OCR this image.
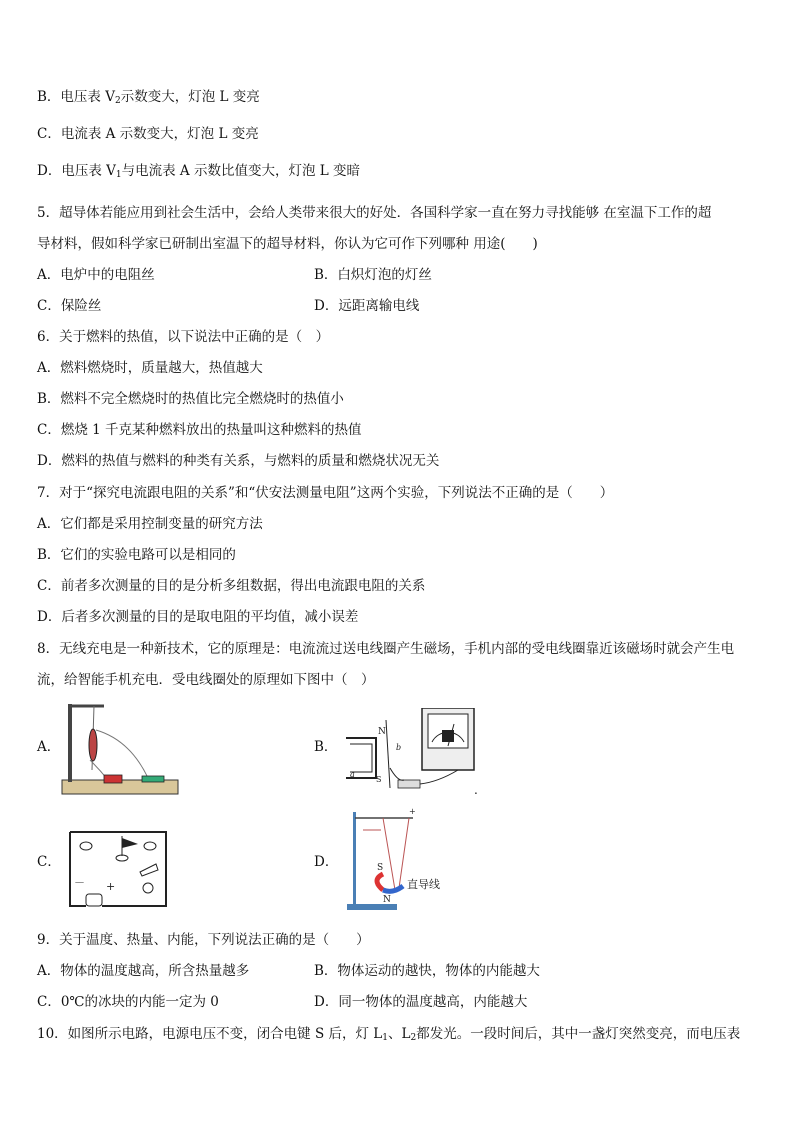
B．电压表 $V_2$示数变大，灯泡 L 变亮
C．电流表 A 示数变大，灯泡 L 变亮
D．电压表 $V_1$与电流表 A 示数比值变大，灯泡 L 变暗
5．超导体若能应用到社会生活中，会给人类带来很大的好处．各国科学家一直在努力寻找能够 在室温下工作的超
导材料，假如科学家已研制出室温下的超导材料，你认为它可作下列哪种 用途(　　)
A．电炉中的电阻丝	B．白炽灯泡的灯丝
C．保险丝	D．远距离输电线
6．关于燃料的热值，以下说法中正确的是（　）
A．燃料燃烧时，质量越大，热值越大
B．燃料不完全燃烧时的热值比完全燃烧时的热值小
C．燃烧 1 千克某种燃料放出的热量叫这种燃料的热值
D．燃料的热值与燃料的种类有关系，与燃料的质量和燃烧状况无关
7．对于“探究电流跟电阻的关系”和“伏安法测量电阻”这两个实验，下列说法不正确的是（　　）
A．它们都是采用控制变量的研究方法
B．它们的实验电路可以是相同的
C．前者多次测量的目的是分析多组数据，得出电流跟电阻的关系
D．后者多次测量的目的是取电阻的平均值，减小误差
8．无线充电是一种新技术，它的原理是：电流流过送电线圈产生磁场，手机内部的受电线圈靠近该磁场时就会产生电
流，给智能手机充电．受电线圈处的原理如下图中（　）
A．	B．
C．	D．
N
b
a
S
.
－ +
+
S
N
直导线
9．关于温度、热量、内能，下列说法正确的是（　　）
A．物体的温度越高，所含热量越多	B．物体运动的越快，物体的内能越大
C．0℃的冰块的内能一定为 0	D．同一物体的温度越高，内能越大
10．如图所示电路，电源电压不变，闭合电键 S 后，灯 $L_1$、$L_2$都发光。一段时间后，其中一盏灯突然变亮，而电压表
